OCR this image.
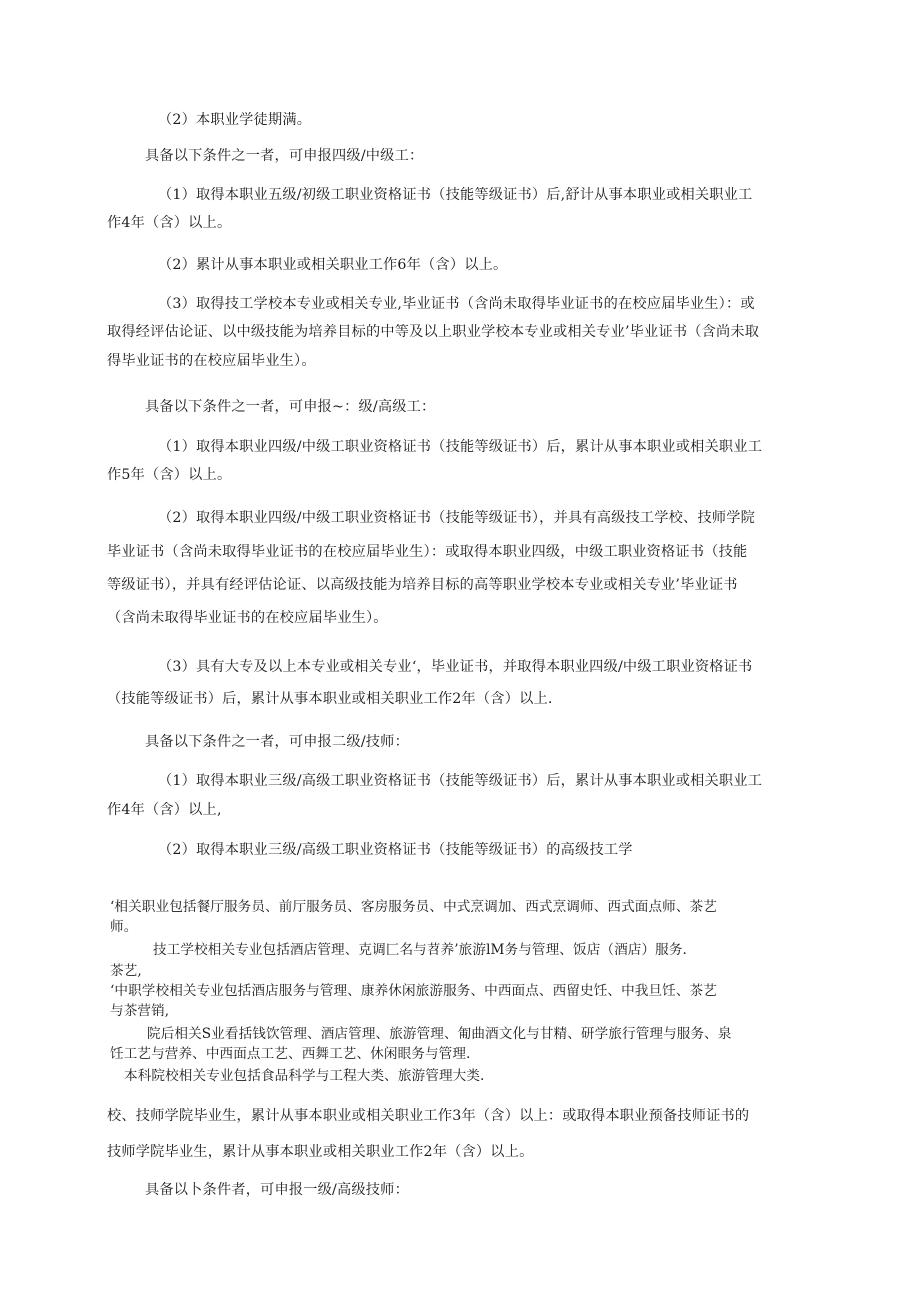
（2）本职业学徒期满。
具备以下条件之一者，可申报四级/中级工：
（1）取得本职业五级/初级工职业资格证书（技能等级证书）后,舒计从事本职业或相关职业工
作4年（含）以上。
（2）累计从事本职业或相关职业工作6年（含）以上。
（3）取得技工学校本专业或相关专业,毕业证书（含尚未取得毕业证书的在校应届毕业生）：或
取得经评估论证、以中级技能为培养目标的中等及以上职业学校本专业或相关专业’毕业证书（含尚未取
得毕业证书的在校应届毕业生）。
具备以下条件之一者，可申报~：级/高级工：
（1）取得本职业四级/中级工职业资格证书（技能等级证书）后，累计从事本职业或相关职业工
作5年（含）以上。
（2）取得本职业四级/中级工职业资格证书（技能等级证书），并具有高级技工学校、技师学院
毕业证书（含尚未取得毕业证书的在校应届毕业生）：或取得本职业四级，中级工职业资格证书（技能
等级证书），并具有经评估论证、以高级技能为培养目标的高等职业学校本专业或相关专业’毕业证书
（含尚未取得毕业证书的在校应届毕业生）。
（3）具有大专及以上本专业或相关专业‘，毕业证书，并取得本职业四级/中级工职业资格证书
（技能等级证书）后，累计从事本职业或相关职业工作2年（含）以上.
具备以下条件之一者，可申报二级/技师：
（1）取得本职业三级/高级工职业资格证书（技能等级证书）后，累计从事本职业或相关职业工
作4年（含）以上,
（2）取得本职业三级/高级工职业资格证书（技能等级证书）的高级技工学
‘相关职业包括餐厅服务员、前厅服务员、客房服务员、中式烹调加、西式烹调师、西式面点师、茶艺
师。
技工学校相关专业包括酒店管理、克调匚名与苕养’旅游lM务与管理、饭店（酒店）服务.
茶艺,
‘中职学校相关专业包括酒店服务与管理、康养休闲旅游服务、中西面点、西留史饪、中我旦饪、茶艺
与茶营销,
院后相关S业看括钱饮管理、酒店管理、旅游管理、匍曲酒文化与甘精、研学旅行管理与服务、泉
饪工艺与营养、中西面点工艺、西舞工艺、休闲眼务与管理.
本科院校相关专业包括食品科学与工程大类、旅游管理大类.
校、技师学院毕业生，累计从事本职业或相关职业工作3年（含）以上：或取得本职业预备技师证书的
技师学院毕业生，累计从事本职业或相关职业工作2年（含）以上。
具备以卜条件者，可申报一级/高级技师：
